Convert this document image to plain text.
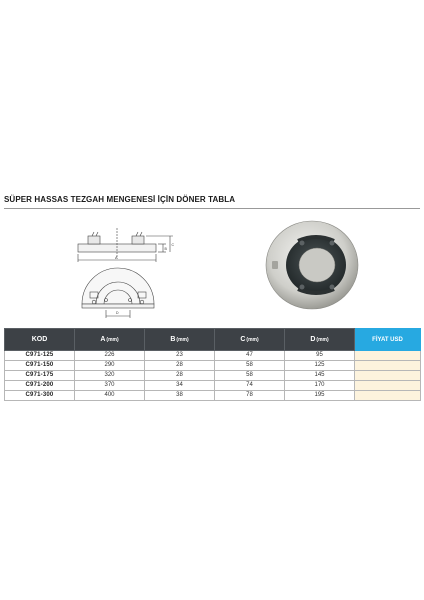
SÜPER HASSAS TEZGAH MENGENESİ İÇİN DÖNER TABLA
A
B
C
D
KOD	A(mm)	B(mm)	C(mm)	D(mm)	FİYAT USD
C971-125	226	23	47	95	
C971-150	290	28	58	125	
C971-175	320	28	58	145	
C971-200	370	34	74	170	
C971-300	400	38	78	195	
